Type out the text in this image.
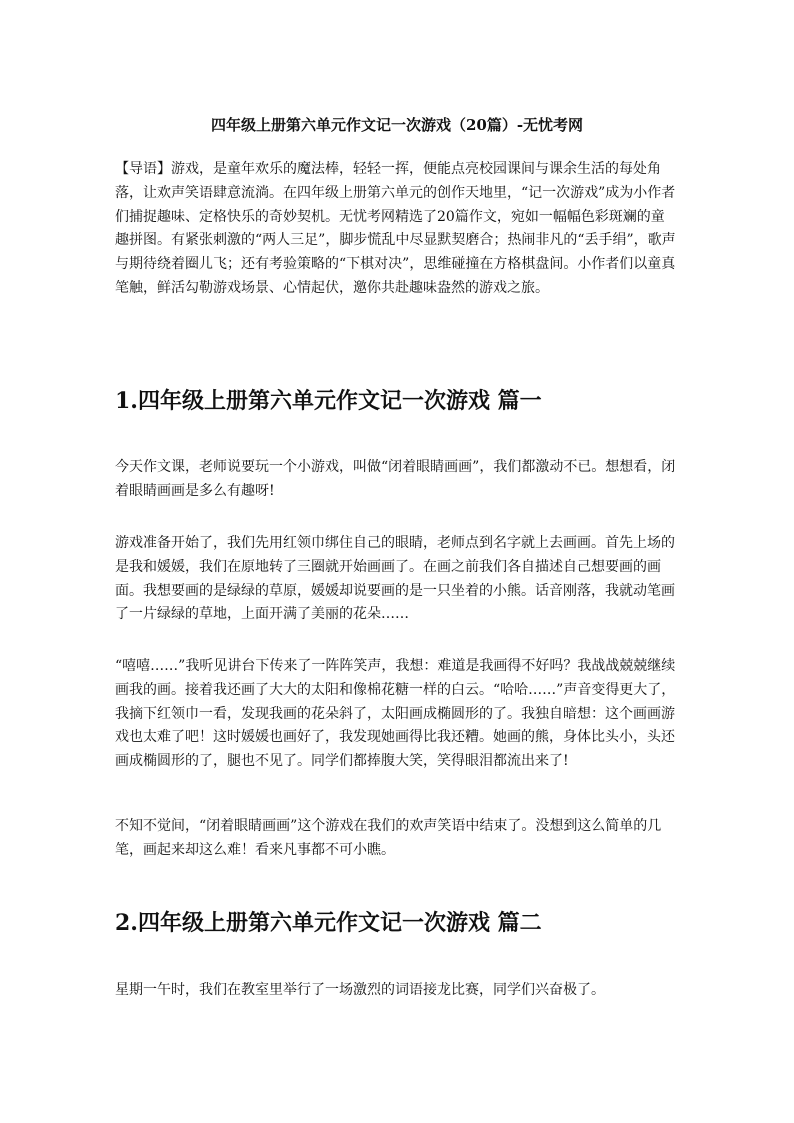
四年级上册第六单元作文记一次游戏（20篇）-无忧考网

【导语】游戏，是童年欢乐的魔法棒，轻轻一挥，便能点亮校园课间与课余生活的每处角落，让欢声笑语肆意流淌。在四年级上册第六单元的创作天地里，“记一次游戏”成为小作者们捕捉趣味、定格快乐的奇妙契机。无忧考网精选了20篇作文，宛如一幅幅色彩斑斓的童趣拼图。有紧张刺激的“两人三足”，脚步慌乱中尽显默契磨合；热闹非凡的“丢手绢”，歌声与期待绕着圈儿飞；还有考验策略的“下棋对决”，思维碰撞在方格棋盘间。小作者们以童真笔触，鲜活勾勒游戏场景、心情起伏，邀你共赴趣味盎然的游戏之旅。

1.四年级上册第六单元作文记一次游戏 篇一

今天作文课，老师说要玩一个小游戏，叫做“闭着眼睛画画”，我们都激动不已。想想看，闭着眼睛画画是多么有趣呀!

游戏准备开始了，我们先用红领巾绑住自己的眼睛，老师点到名字就上去画画。首先上场的是我和媛媛，我们在原地转了三圈就开始画画了。在画之前我们各自描述自己想要画的画面。我想要画的是绿绿的草原，媛媛却说要画的是一只坐着的小熊。话音刚落，我就动笔画了一片绿绿的草地，上面开满了美丽的花朵……

“嘻嘻……”我听见讲台下传来了一阵阵笑声，我想：难道是我画得不好吗？我战战兢兢继续画我的画。接着我还画了大大的太阳和像棉花糖一样的白云。“哈哈……”声音变得更大了，我摘下红领巾一看，发现我画的花朵斜了，太阳画成椭圆形的了。我独自暗想：这个画画游戏也太难了吧！这时媛媛也画好了，我发现她画得比我还糟。她画的熊，身体比头小，头还画成椭圆形的了，腿也不见了。同学们都捧腹大笑，笑得眼泪都流出来了!

不知不觉间，“闭着眼睛画画”这个游戏在我们的欢声笑语中结束了。没想到这么简单的几笔，画起来却这么难！看来凡事都不可小瞧。

2.四年级上册第六单元作文记一次游戏 篇二

星期一午时，我们在教室里举行了一场激烈的词语接龙比赛，同学们兴奋极了。
